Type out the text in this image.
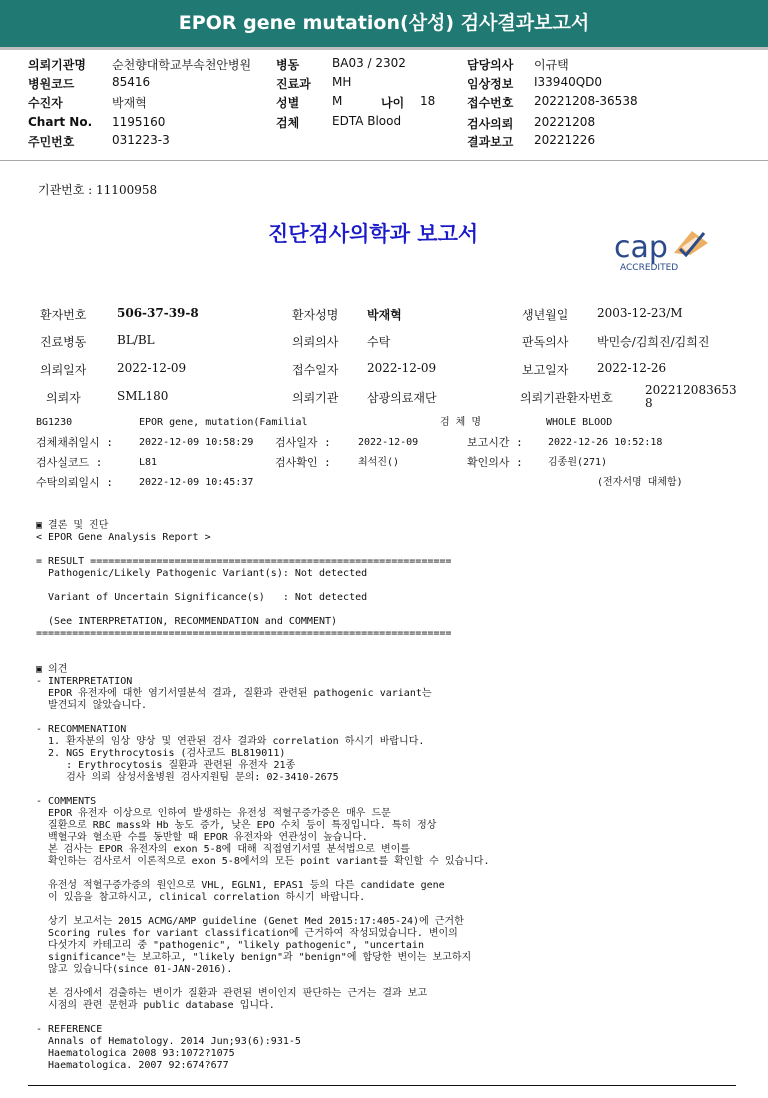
EPOR gene mutation(삼성) 검사결과보고서
의뢰기관명 순천향대학교부속천안병원 병동	BA03 / 2302	담당의사 이규택
병원코드	85416	진료과 MH	임상정보 I33940QD0
수진자	박재혁	성별	M	나이 18	접수번호 20221208-36538
Chart No. 1195160	검체	EDTA Blood	검사의뢰 20221208
주민번호	031223-3	결과보고 20221226
기관번호 : 11100958
진단검사의학과 보고서	cap
ACCREDITED
환자번호	506-37-39-8	환자성명 박재혁	생년월일 2003-12-23/M
진료병동	BL/BL	의뢰의사 수탁	판독의사 박민승/김희진/김희진
의뢰일자	2022-12-09	접수일자 2022-12-09	보고일자 2022-12-26
의뢰자	SML180	의뢰기관 삼광의료재단	의뢰기관환자번호
202212083653
8
BG1230	EPOR gene, mutation(Familial	검 체 명	WHOLE BLOOD
검체채취일시 :	2022-12-09 10:58:29 검사일자 :	2022-12-09	보고시간 :	2022-12-26 10:52:18
검사실코드 :	L81	검사확인 :	최석진()	확인의사 :	김종원(271)
수탁의뢰일시 :	2022-12-09 10:45:37	(전자서명 대체함)
▣ 결론 및 진단
< EPOR Gene Analysis Report >
= RESULT ============================================================
Pathogenic/Likely Pathogenic Variant(s): Not detected
Variant of Uncertain Significance(s)   : Not detected
(See INTERPRETATION, RECOMMENDATION and COMMENT)
=====================================================================
▣ 의견
- INTERPRETATION
EPOR 유전자에 대한 염기서열분석 결과, 질환과 관련된 pathogenic variant는
발견되지 않았습니다.
- RECOMMENATION
1. 환자분의 임상 양상 및 연관된 검사 결과와 correlation 하시기 바랍니다.
2. NGS Erythrocytosis (검사코드 BL819011)
: Erythrocytosis 질환과 관련된 유전자 21종
검사 의뢰 삼성서울병원 검사지원팀 문의: 02-3410-2675
- COMMENTS
EPOR 유전자 이상으로 인하여 발생하는 유전성 적혈구증가증은 매우 드문
질환으로 RBC mass와 Hb 농도 증가, 낮은 EPO 수치 등이 특징입니다. 특히 정상
백혈구와 혈소판 수를 동반할 때 EPOR 유전자와 연관성이 높습니다.
본 검사는 EPOR 유전자의 exon 5-8에 대해 직접염기서열 분석법으로 변이를
확인하는 검사로서 이론적으로 exon 5-8에서의 모든 point variant를 확인할 수 있습니다.
유전성 적혈구증가증의 원인으로 VHL, EGLN1, EPAS1 등의 다른 candidate gene
이 있음을 참고하시고, clinical correlation 하시기 바랍니다.
상기 보고서는 2015 ACMG/AMP guideline (Genet Med 2015:17:405-24)에 근거한
Scoring rules for variant classification에 근거하여 작성되었습니다. 변이의
다섯가지 카테고리 중 "pathogenic", "likely pathogenic", "uncertain
significance"는 보고하고, "likely benign"과 "benign"에 합당한 변이는 보고하지
않고 있습니다(since 01-JAN-2016).
본 검사에서 검출하는 변이가 질환과 관련된 변이인지 판단하는 근거는 결과 보고
시점의 관련 문헌과 public database 입니다.
- REFERENCE
Annals of Hematology. 2014 Jun;93(6):931-5
Haematologica 2008 93:1072?1075
Haematologica. 2007 92:674?677
